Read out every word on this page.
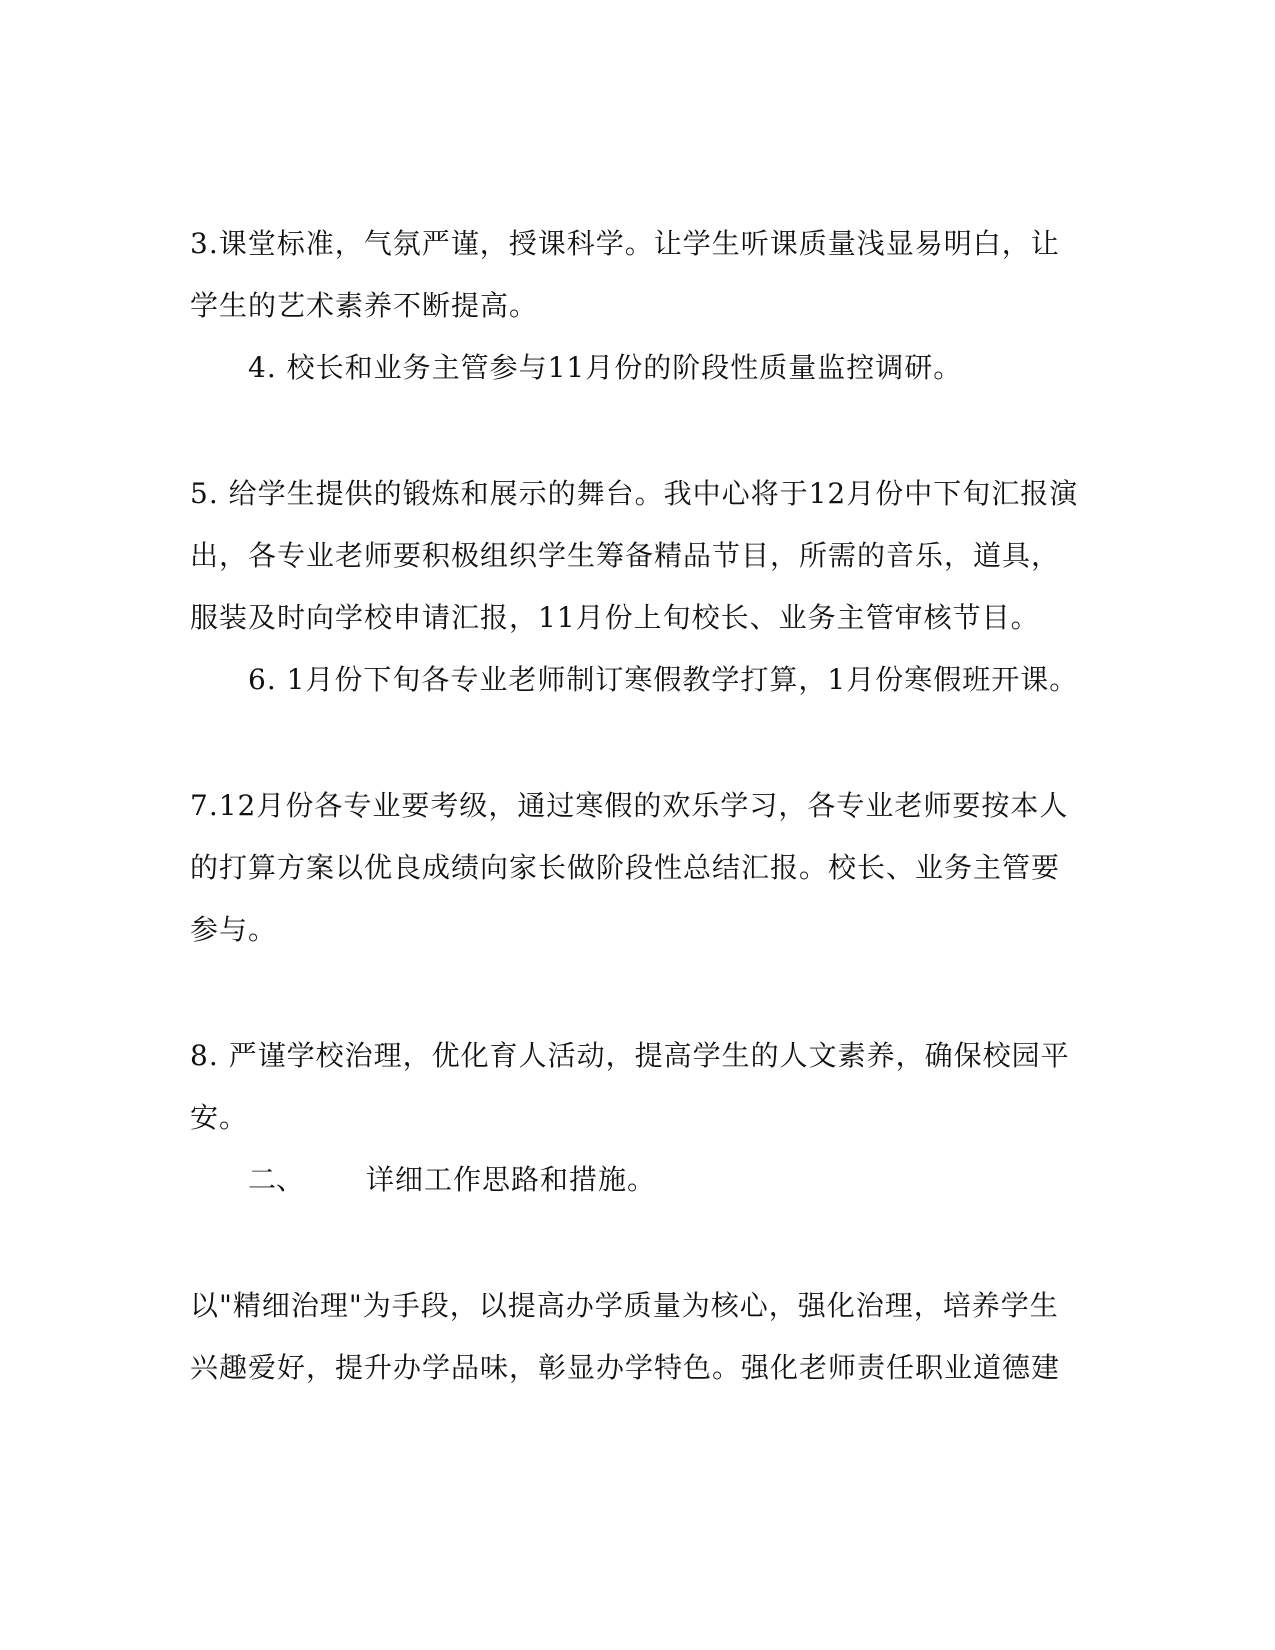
3.课堂标准，气氛严谨，授课科学。让学生听课质量浅显易明白，让
学生的艺术素养不断提高。
4. 校长和业务主管参与11月份的阶段性质量监控调研。
5. 给学生提供的锻炼和展示的舞台。我中心将于12月份中下旬汇报演
出，各专业老师要积极组织学生筹备精品节目，所需的音乐，道具，
服装及时向学校申请汇报，11月份上旬校长、业务主管审核节目。
6. 1月份下旬各专业老师制订寒假教学打算，1月份寒假班开课。
7.12月份各专业要考级，通过寒假的欢乐学习，各专业老师要按本人
的打算方案以优良成绩向家长做阶段性总结汇报。校长、业务主管要
参与。
8. 严谨学校治理，优化育人活动，提高学生的人文素养，确保校园平
安。
二、 详细工作思路和措施。
以"精细治理"为手段，以提高办学质量为核心，强化治理，培养学生
兴趣爱好，提升办学品味，彰显办学特色。强化老师责任职业道德建
